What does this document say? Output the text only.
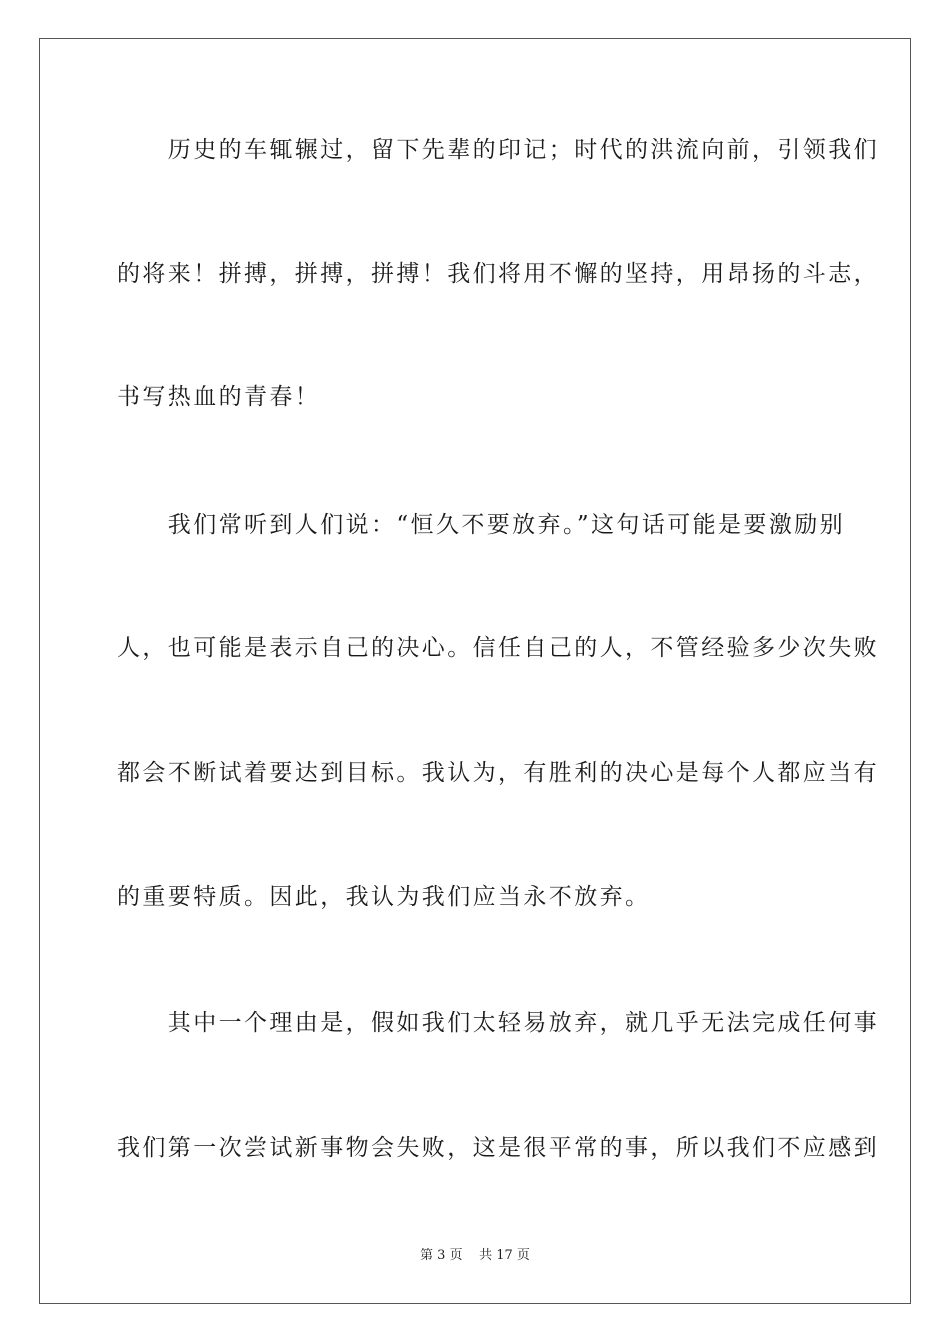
　　历史的车辄辗过，留下先辈的印记；时代的洪流向前，引领我们
的将来！拼搏，拼搏，拼搏！我们将用不懈的坚持，用昂扬的斗志，
书写热血的青春！
　　我们常听到人们说：“恒久不要放弃。”这句话可能是要激励别
人，也可能是表示自己的决心。信任自己的人，不管经验多少次失败
都会不断试着要达到目标。我认为，有胜利的决心是每个人都应当有
的重要特质。因此，我认为我们应当永不放弃。
　　其中一个理由是，假如我们太轻易放弃，就几乎无法完成任何事
我们第一次尝试新事物会失败，这是很平常的事，所以我们不应感到
第 3 页 共 17 页
